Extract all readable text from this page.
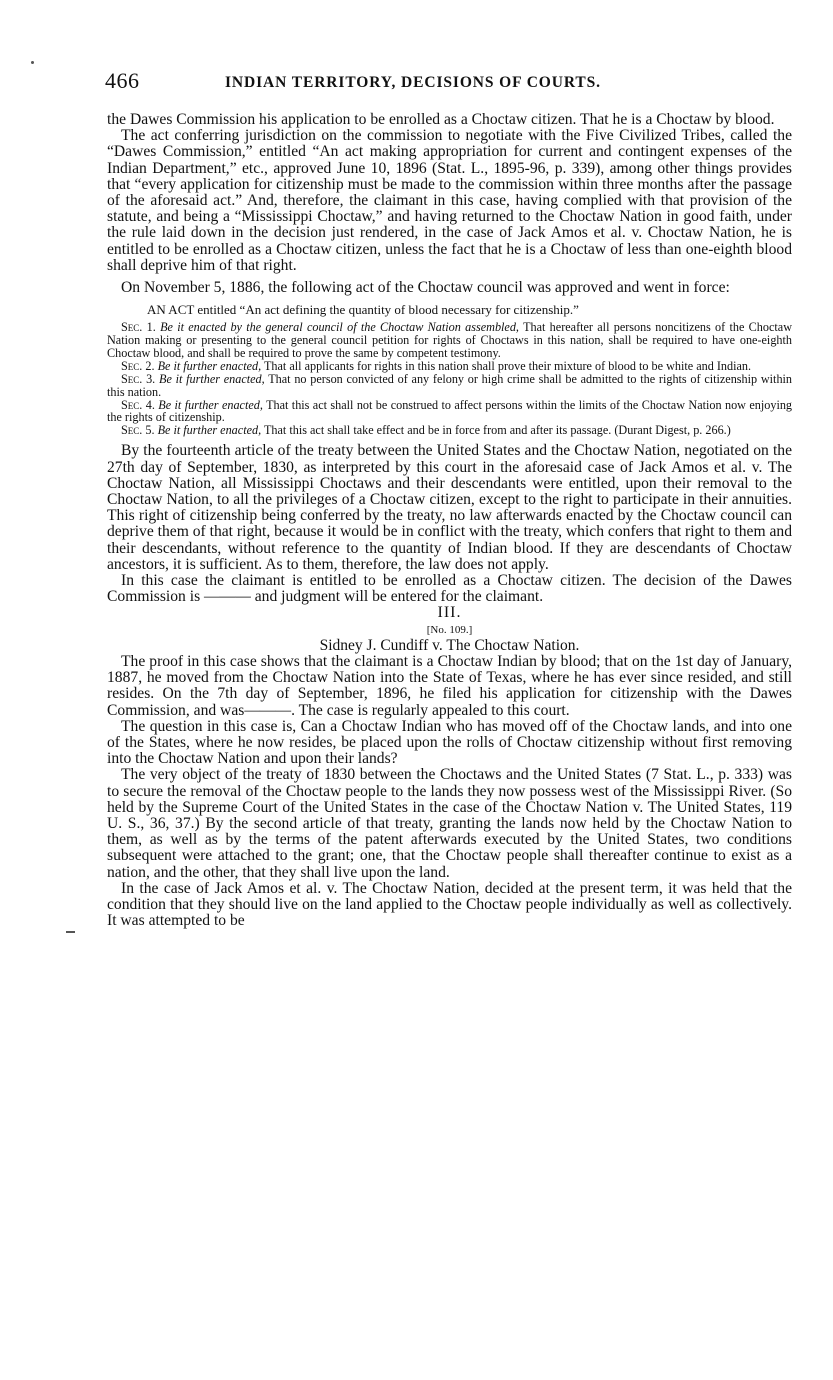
466	INDIAN TERRITORY, DECISIONS OF COURTS.

the Dawes Commission his application to be enrolled as a Choctaw citizen. That he is a Choctaw by blood.

The act conferring jurisdiction on the commission to negotiate with the Five Civilized Tribes, called the “Dawes Commission,” entitled “An act making appropriation for current and contingent expenses of the Indian Department,” etc., approved June 10, 1896 (Stat. L., 1895-96, p. 339), among other things provides that “every application for citizenship must be made to the commission within three months after the passage of the aforesaid act.” And, therefore, the claimant in this case, having complied with that provision of the statute, and being a “Mississippi Choctaw,” and having returned to the Choctaw Nation in good faith, under the rule laid down in the decision just rendered, in the case of Jack Amos et al. v. Choctaw Nation, he is entitled to be enrolled as a Choctaw citizen, unless the fact that he is a Choctaw of less than one-eighth blood shall deprive him of that right.

On November 5, 1886, the following act of the Choctaw council was approved and went in force:

AN ACT entitled “An act defining the quantity of blood necessary for citizenship.”

Sec. 1. Be it enacted by the general council of the Choctaw Nation assembled, That hereafter all persons noncitizens of the Choctaw Nation making or presenting to the general council petition for rights of Choctaws in this nation, shall be required to have one-eighth Choctaw blood, and shall be required to prove the same by competent testimony.

Sec. 2. Be it further enacted, That all applicants for rights in this nation shall prove their mixture of blood to be white and Indian.

Sec. 3. Be it further enacted, That no person convicted of any felony or high crime shall be admitted to the rights of citizenship within this nation.

Sec. 4. Be it further enacted, That this act shall not be construed to affect persons within the limits of the Choctaw Nation now enjoying the rights of citizenship.

Sec. 5. Be it further enacted, That this act shall take effect and be in force from and after its passage. (Durant Digest, p. 266.)

By the fourteenth article of the treaty between the United States and the Choctaw Nation, negotiated on the 27th day of September, 1830, as interpreted by this court in the aforesaid case of Jack Amos et al. v. The Choctaw Nation, all Mississippi Choctaws and their descendants were entitled, upon their removal to the Choctaw Nation, to all the privileges of a Choctaw citizen, except to the right to participate in their annuities. This right of citizenship being conferred by the treaty, no law afterwards enacted by the Choctaw council can deprive them of that right, because it would be in conflict with the treaty, which confers that right to them and their descendants, without reference to the quantity of Indian blood. If they are descendants of Choctaw ancestors, it is sufficient. As to them, therefore, the law does not apply.

In this case the claimant is entitled to be enrolled as a Choctaw citizen. The decision of the Dawes Commission is ——— and judgment will be entered for the claimant.

III.

[No. 109.]

Sidney J. Cundiff v. The Choctaw Nation.

The proof in this case shows that the claimant is a Choctaw Indian by blood; that on the 1st day of January, 1887, he moved from the Choctaw Nation into the State of Texas, where he has ever since resided, and still resides. On the 7th day of September, 1896, he filed his application for citizenship with the Dawes Commission, and was———. The case is regularly appealed to this court.

The question in this case is, Can a Choctaw Indian who has moved off of the Choctaw lands, and into one of the States, where he now resides, be placed upon the rolls of Choctaw citizenship without first removing into the Choctaw Nation and upon their lands?

The very object of the treaty of 1830 between the Choctaws and the United States (7 Stat. L., p. 333) was to secure the removal of the Choctaw people to the lands they now possess west of the Mississippi River. (So held by the Supreme Court of the United States in the case of the Choctaw Nation v. The United States, 119 U. S., 36, 37.) By the second article of that treaty, granting the lands now held by the Choctaw Nation to them, as well as by the terms of the patent afterwards executed by the United States, two conditions subsequent were attached to the grant; one, that the Choctaw people shall thereafter continue to exist as a nation, and the other, that they shall live upon the land.

In the case of Jack Amos et al. v. The Choctaw Nation, decided at the present term, it was held that the condition that they should live on the land applied to the Choctaw people individually as well as collectively. It was attempted to be
